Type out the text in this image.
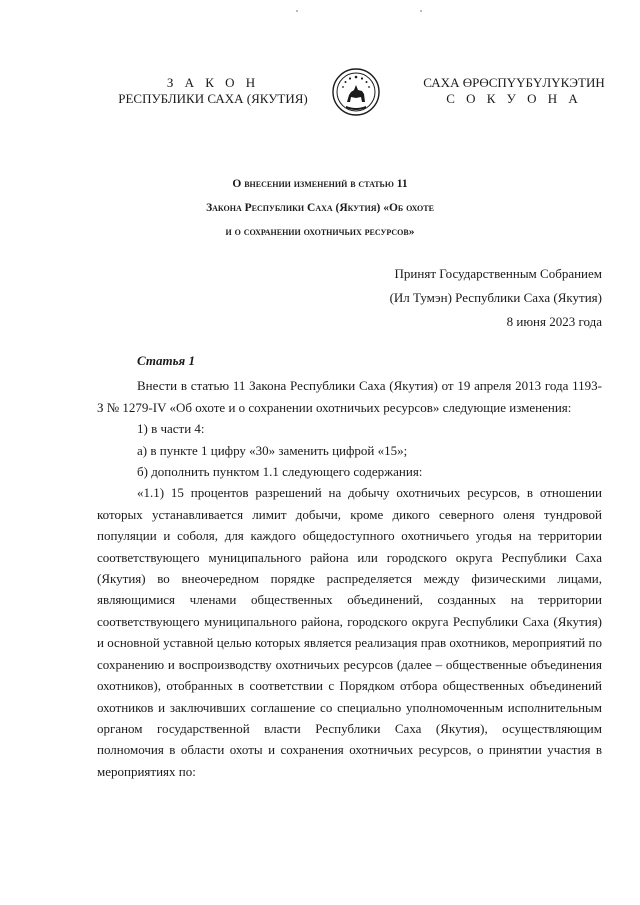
З А К О Н
РЕСПУБЛИКИ САХА (ЯКУТИЯ)
САХА ӨРӨСПҮҮБҮЛҮКЭТИН
С О К У О Н А
О внесении изменений в статью 11
Закона Республики Саха (Якутия) «Об охоте
и о сохранении охотничьих ресурсов»
Принят Государственным Собранием
(Ил Тумэн) Республики Саха (Якутия)
8 июня 2023 года

Статья 1

Внести в статью 11 Закона Республики Саха (Якутия) от 19 апреля 2013 года 1193-З № 1279-IV «Об охоте и о сохранении охотничьих ресурсов» следующие изменения:

1) в части 4:

а) в пункте 1 цифру «30» заменить цифрой «15»;

б) дополнить пунктом 1.1 следующего содержания:

«1.1) 15 процентов разрешений на добычу охотничьих ресурсов, в отношении которых устанавливается лимит добычи, кроме дикого северного оленя тундровой популяции и соболя, для каждого общедоступного охотничьего угодья на территории соответствующего муниципального района или городского округа Республики Саха (Якутия) во внеочередном порядке распределяется между физическими лицами, являющимися членами общественных объединений, созданных на территории соответствующего муниципального района, городского округа Республики Саха (Якутия) и основной уставной целью которых является реализация прав охотников, мероприятий по сохранению и воспроизводству охотничьих ресурсов (далее – общественные объединения охотников), отобранных в соответствии с Порядком отбора общественных объединений охотников и заключивших соглашение со специально уполномоченным исполнительным органом государственной власти Республики Саха (Якутия), осуществляющим полномочия в области охоты и сохранения охотничьих ресурсов, о принятии участия в мероприятиях по:
